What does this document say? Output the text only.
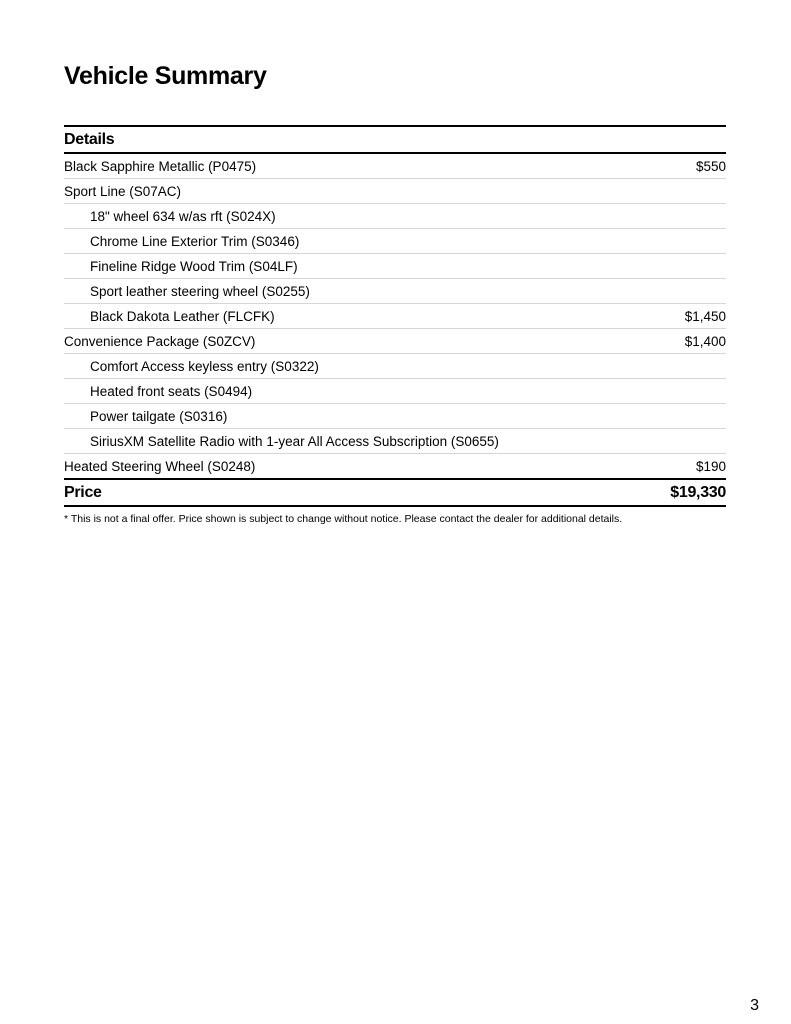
Vehicle Summary
Details
Black Sapphire Metallic (P0475)	$550
Sport Line (S07AC)
18" wheel 634 w/as rft (S024X)
Chrome Line Exterior Trim (S0346)
Fineline Ridge Wood Trim (S04LF)
Sport leather steering wheel (S0255)
Black Dakota Leather (FLCFK)	$1,450
Convenience Package (S0ZCV)	$1,400
Comfort Access keyless entry (S0322)
Heated front seats (S0494)
Power tailgate (S0316)
SiriusXM Satellite Radio with 1-year All Access Subscription (S0655)
Heated Steering Wheel (S0248)	$190
Price	$19,330
* This is not a final offer. Price shown is subject to change without notice. Please contact the dealer for additional details.
3
